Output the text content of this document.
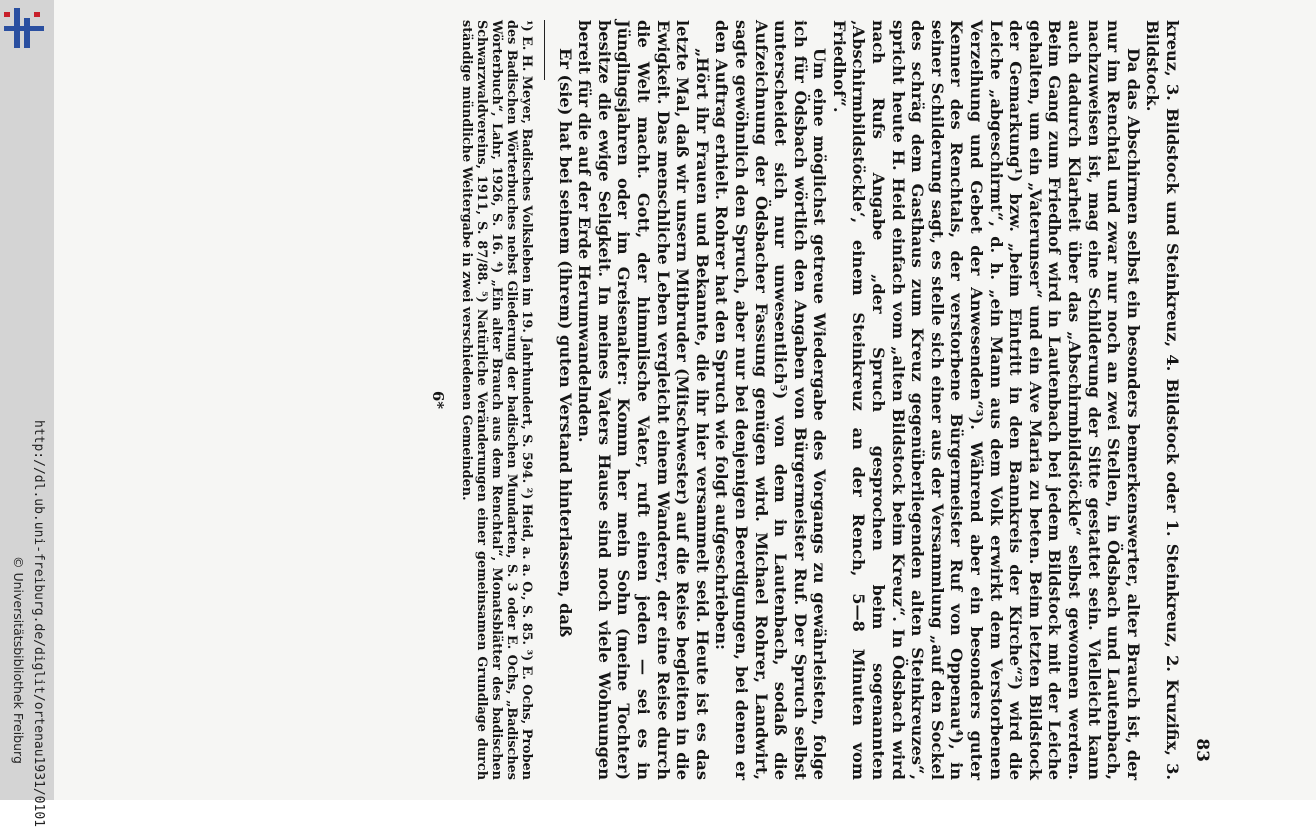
http://dl.ub.uni-freiburg.de/diglit/ortenau1931/0101
© Universitätsbibliothek Freiburg	83

kreuz, 3. Bildstock und Steinkreuz, 4. Bildstock oder 1. Steinkreuz, 2. Kruzifix, 3. Bildstock.

Da das Abschirmen selbst ein besonders bemerkenswerter, alter Brauch ist, der nur im Renchtal und zwar nur noch an zwei Stellen, in Ödsbach und Lautenbach, nachzuweisen ist, mag eine Schilderung der Sitte gestattet sein. Vielleicht kann auch dadurch Klarheit über das „Abschirmbildstöckle“ selbst gewonnen werden. Beim Gang zum Friedhof wird in Lautenbach bei jedem Bildstock mit der Leiche gehalten, um ein „Vaterunser“ und ein Ave Maria zu beten. Beim letzten Bildstock der Gemarkung¹) bzw. „beim Eintritt in den Bannkreis der Kirche“²) wird die Leiche „abgeschirmt“, d. h. „ein Mann aus dem Volk erwirkt dem Verstorbenen Verzeihung und Gebet der Anwesenden“³). Während aber ein besonders guter Kenner des Renchtals, der verstorbene Bürgermeister Ruf von Oppenau⁴), in seiner Schilderung sagt, es stelle sich einer aus der Versammlung „auf den Sockel des schräg dem Gasthaus zum Kreuz gegenüberliegenden alten Steinkreuzes“, spricht heute H. Heid einfach vom „alten Bildstock beim Kreuz“. In Ödsbach wird nach Rufs Angabe „der Spruch gesprochen beim sogenannten ‚Abschirmbildstöckle‘, einem Steinkreuz an der Rench, 5—8 Minuten vom Friedhof“.

Um eine möglichst getreue Wiedergabe des Vorgangs zu gewährleisten, folge ich für Ödsbach wörtlich den Angaben von Bürgermeister Ruf. Der Spruch selbst unterscheidet sich nur unwesentlich⁵) von dem in Lautenbach, sodaß die Aufzeichnung der Ödsbacher Fassung genügen wird. Michael Rohrer, Landwirt, sagte gewöhnlich den Spruch, aber nur bei denjenigen Beerdigungen, bei denen er den Auftrag erhielt. Rohrer hat den Spruch wie folgt aufgeschrieben:

„Hört ihr Frauen und Bekannte, die ihr hier versammelt seid. Heute ist es das letzte Mal, daß wir unsern Mitbruder (Mitschwester) auf die Reise begleiten in die Ewigkeit. Das menschliche Leben vergleicht einem Wanderer, der eine Reise durch die Welt macht. Gott, der himmlische Vater, ruft einen jeden — sei es in Jünglingsjahren oder im Greisenalter: Komm her mein Sohn (meine Tochter) besitze die ewige Seligkeit. In meines Vaters Hause sind noch viele Wohnungen bereit für die auf der Erde Herumwandelnden.

Er (sie) hat bei seinem (ihrem) guten Verstand hinterlassen, daß

¹) E. H. Meyer, Badisches Volksleben im 19. Jahrhundert, S. 594. ²) Heid, a. a. O., S. 85. ³) E. Ochs, Proben des Badischen Wörterbuches nebst Gliederung der badischen Mundarten, S. 3 oder E. Ochs, „Badisches Wörterbuch“, Lahr, 1926, S. 16. ⁴) „Ein alter Brauch aus dem Renchtal“, Monatsblätter des badischen Schwarzwaldvereins, 1911, S. 87/88. ⁵) Natürliche Veränderungen einer gemeinsamen Grundlage durch ständige mündliche Weitergabe in zwei verschiedenen Gemeinden.

6*
